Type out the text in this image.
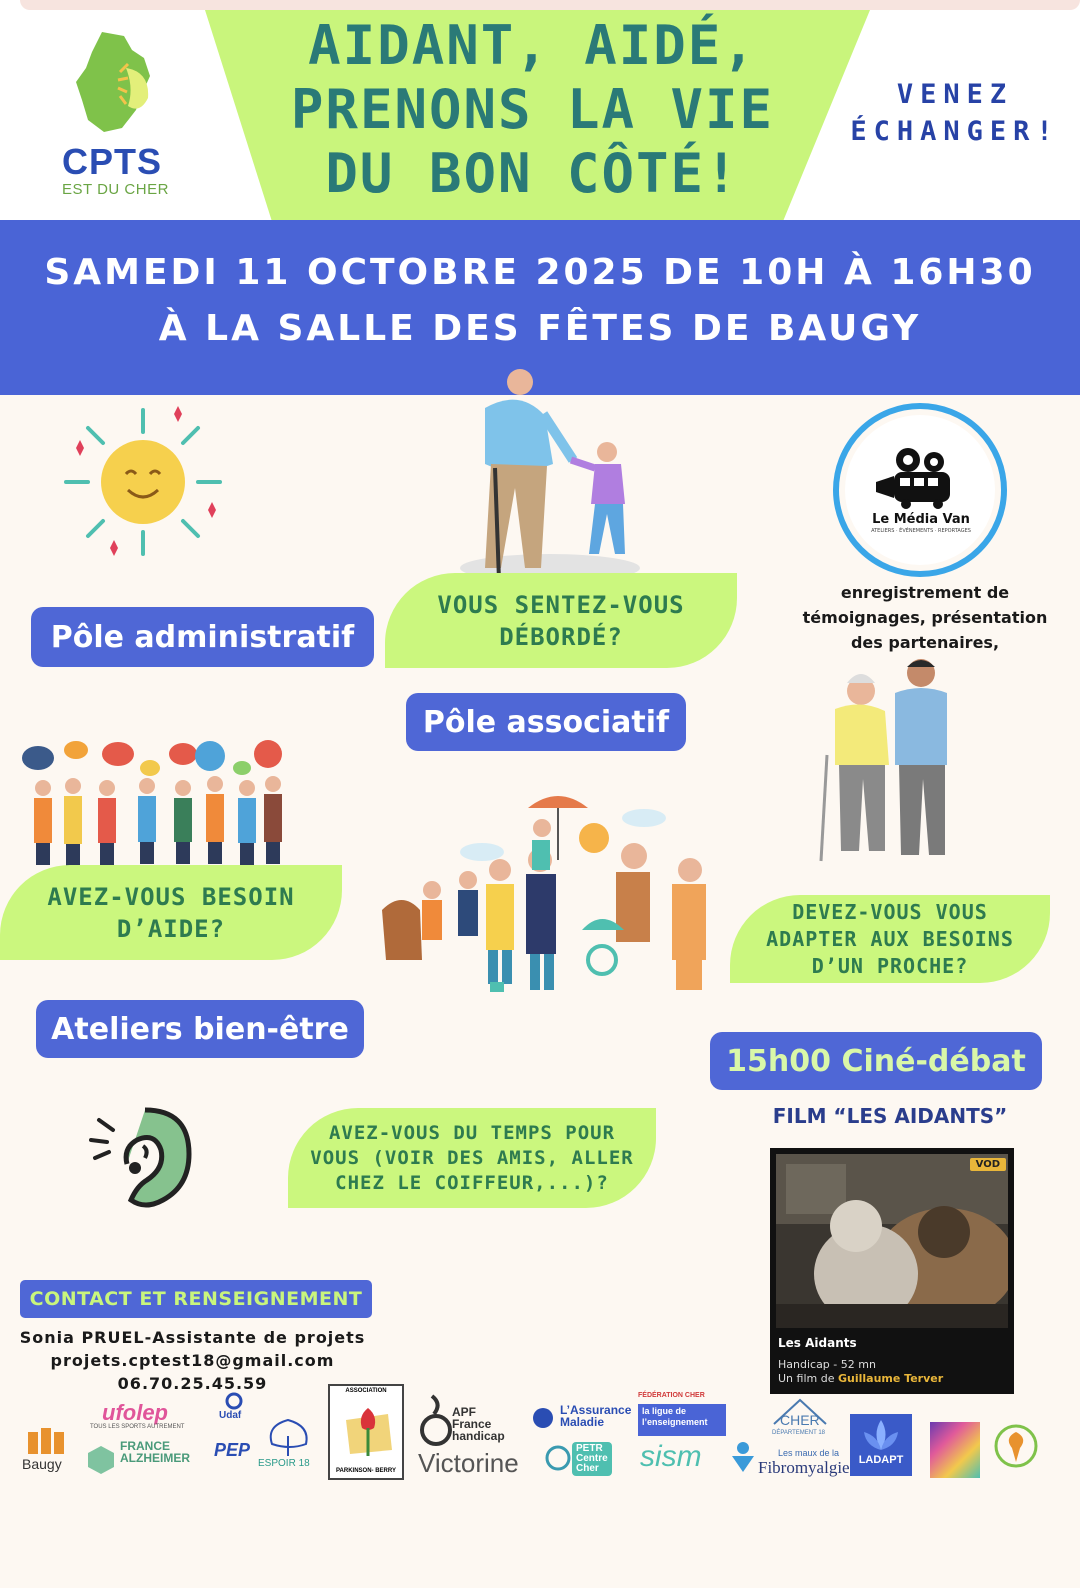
AIDANT, AIDÉ,
PRENONS LA VIE
DU BON CÔTÉ!
VENEZ
ÉCHANGER!
CPTS
EST DU CHER
SAMEDI 11 OCTOBRE 2025 DE 10H À 16H30
À LA SALLE DES FÊTES DE BAUGY
Le Média Van
ATELIERS · ÉVÉNEMENTS · REPORTAGES
enregistrement de
témoignages, présentation
des partenaires,
Pôle administratif
VOUS SENTEZ-VOUS
DÉBORDÉ?
Pôle associatif
AVEZ-VOUS BESOIN
D’AIDE?
DEVEZ-VOUS VOUS
ADAPTER AUX BESOINS
D’UN PROCHE?
Ateliers bien-être
15h00 Ciné-débat
FILM “LES AIDANTS”
AVEZ-VOUS DU TEMPS POUR
VOUS (VOIR DES AMIS, ALLER
CHEZ LE COIFFEUR,...)?
VOD
Les Aidants
Handicap - 52 mn
Un film de Guillaume Terver
CONTACT ET RENSEIGNEMENT
Sonia PRUEL-Assistante de projets
projets.cptest18@gmail.com
06.70.25.45.59
Baugy
ufolep
TOUS LES SPORTS AUTREMENT
FRANCE
ALZHEIMER
Udaf
PEP
ESPOIR 18
ASSOCIATION
PARKINSON- BERRY
APF
France
handicap
Victorine
L’Assurance
Maladie
PETR
Centre
Cher
FÉDÉRATION CHER
la ligue de
l’enseignement
sism
CHER
DÉPARTEMENT 18
Les maux de la
Fibromyalgie LADAPT
